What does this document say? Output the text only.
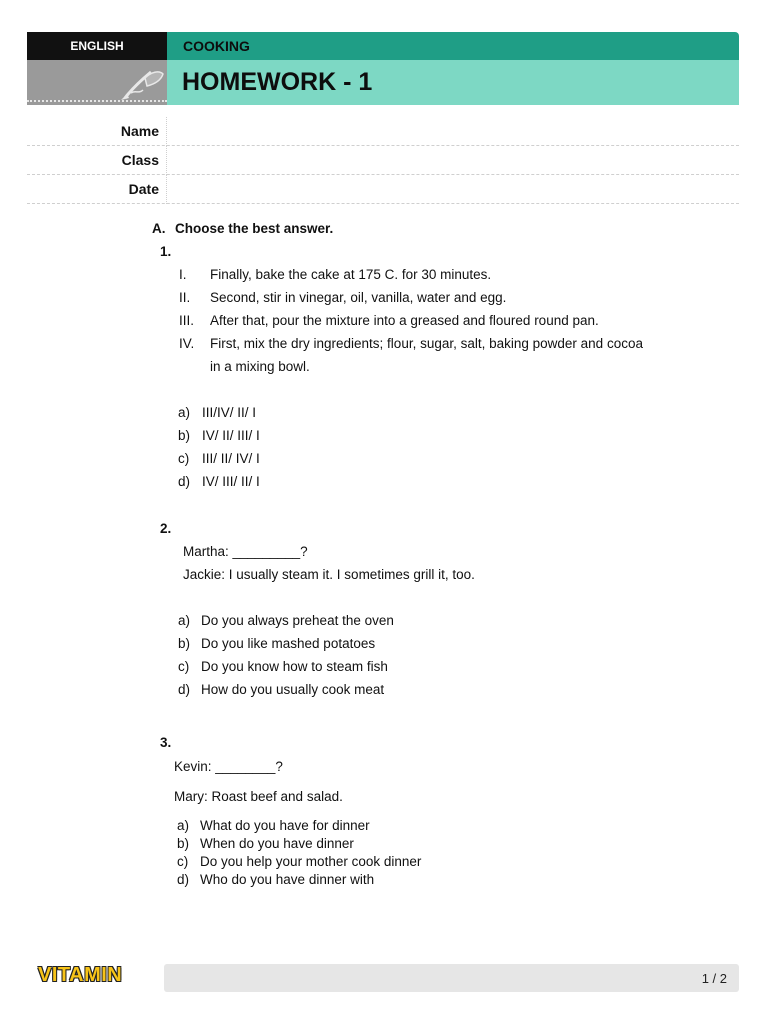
ENGLISH	COOKING
HOMEWORK - 1
Name
Class
Date
A. Choose the best answer.
1.
I. Finally, bake the cake at 175 C. for 30 minutes.
II. Second, stir in vinegar, oil, vanilla, water and egg.
III. After that, pour the mixture into a greased and floured round pan.
IV. First, mix the dry ingredients; flour, sugar, salt, baking powder and cocoa
in a mixing bowl.
a) III/IV/ II/ I
b) IV/ II/ III/ I
c) III/ II/ IV/ I
d) IV/ III/ II/ I
2.
Martha: _________?
Jackie: I usually steam it. I sometimes grill it, too.
a) Do you always preheat the oven
b) Do you like mashed potatoes
c) Do you know how to steam fish
d) How do you usually cook meat
3.
Kevin: ________?
Mary: Roast beef and salad.
a) What do you have for dinner
b) When do you have dinner
c) Do you help your mother cook dinner
d) Who do you have dinner with
VITAMIN	1 / 2
